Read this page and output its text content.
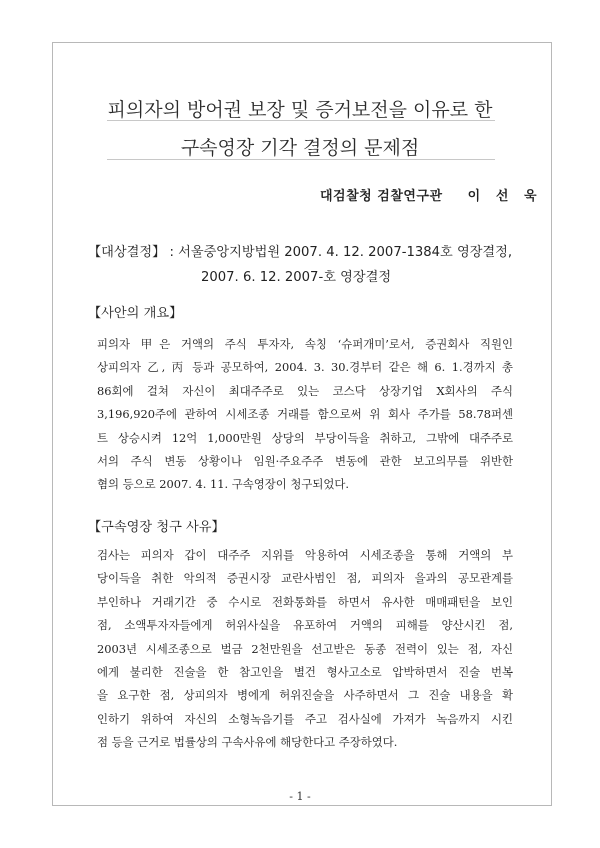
피의자의 방어권 보장 및 증거보전을 이유로 한
구속영장 기각 결정의 문제점
대검찰청 검찰연구관     이   선   욱
【대상결정】 : 서울중앙지방법원 2007. 4. 12. 2007-1384호 영장결정,
2007. 6. 12. 2007-호 영장결정
【사안의 개요】
피의자 甲은 거액의 주식 투자자, 속칭 ‘슈퍼개미’로서, 증권회사 직원인
상피의자 乙, 丙 등과 공모하여, 2004. 3. 30.경부터 같은 해 6. 1.경까지 총
86회에 걸쳐 자신이 최대주주로 있는 코스닥 상장기업 X회사의 주식
3,196,920주에 관하여 시세조종 거래를 함으로써 위 회사 주가를 58.78퍼센
트 상승시켜 12억 1,000만원 상당의 부당이득을 취하고, 그밖에 대주주로
서의 주식 변동 상황이나 임원·주요주주 변동에 관한 보고의무를 위반한
혐의 등으로 2007. 4. 11. 구속영장이 청구되었다.
【구속영장 청구 사유】
검사는 피의자 갑이 대주주 지위를 악용하여 시세조종을 통해 거액의 부
당이득을 취한 악의적 증권시장 교란사범인 점, 피의자 을과의 공모관계를
부인하나 거래기간 중 수시로 전화통화를 하면서 유사한 매매패턴을 보인
점, 소액투자자들에게 허위사실을 유포하여 거액의 피해를 양산시킨 점,
2003년 시세조종으로 벌금 2천만원을 선고받은 동종 전력이 있는 점, 자신
에게 불리한 진술을 한 참고인을 별건 형사고소로 압박하면서 진술 번복
을 요구한 점, 상피의자 병에게 허위진술을 사주하면서 그 진술 내용을 확
인하기 위하여 자신의 소형녹음기를 주고 검사실에 가져가 녹음까지 시킨
점 등을 근거로 법률상의 구속사유에 해당한다고 주장하였다.
- 1 -
